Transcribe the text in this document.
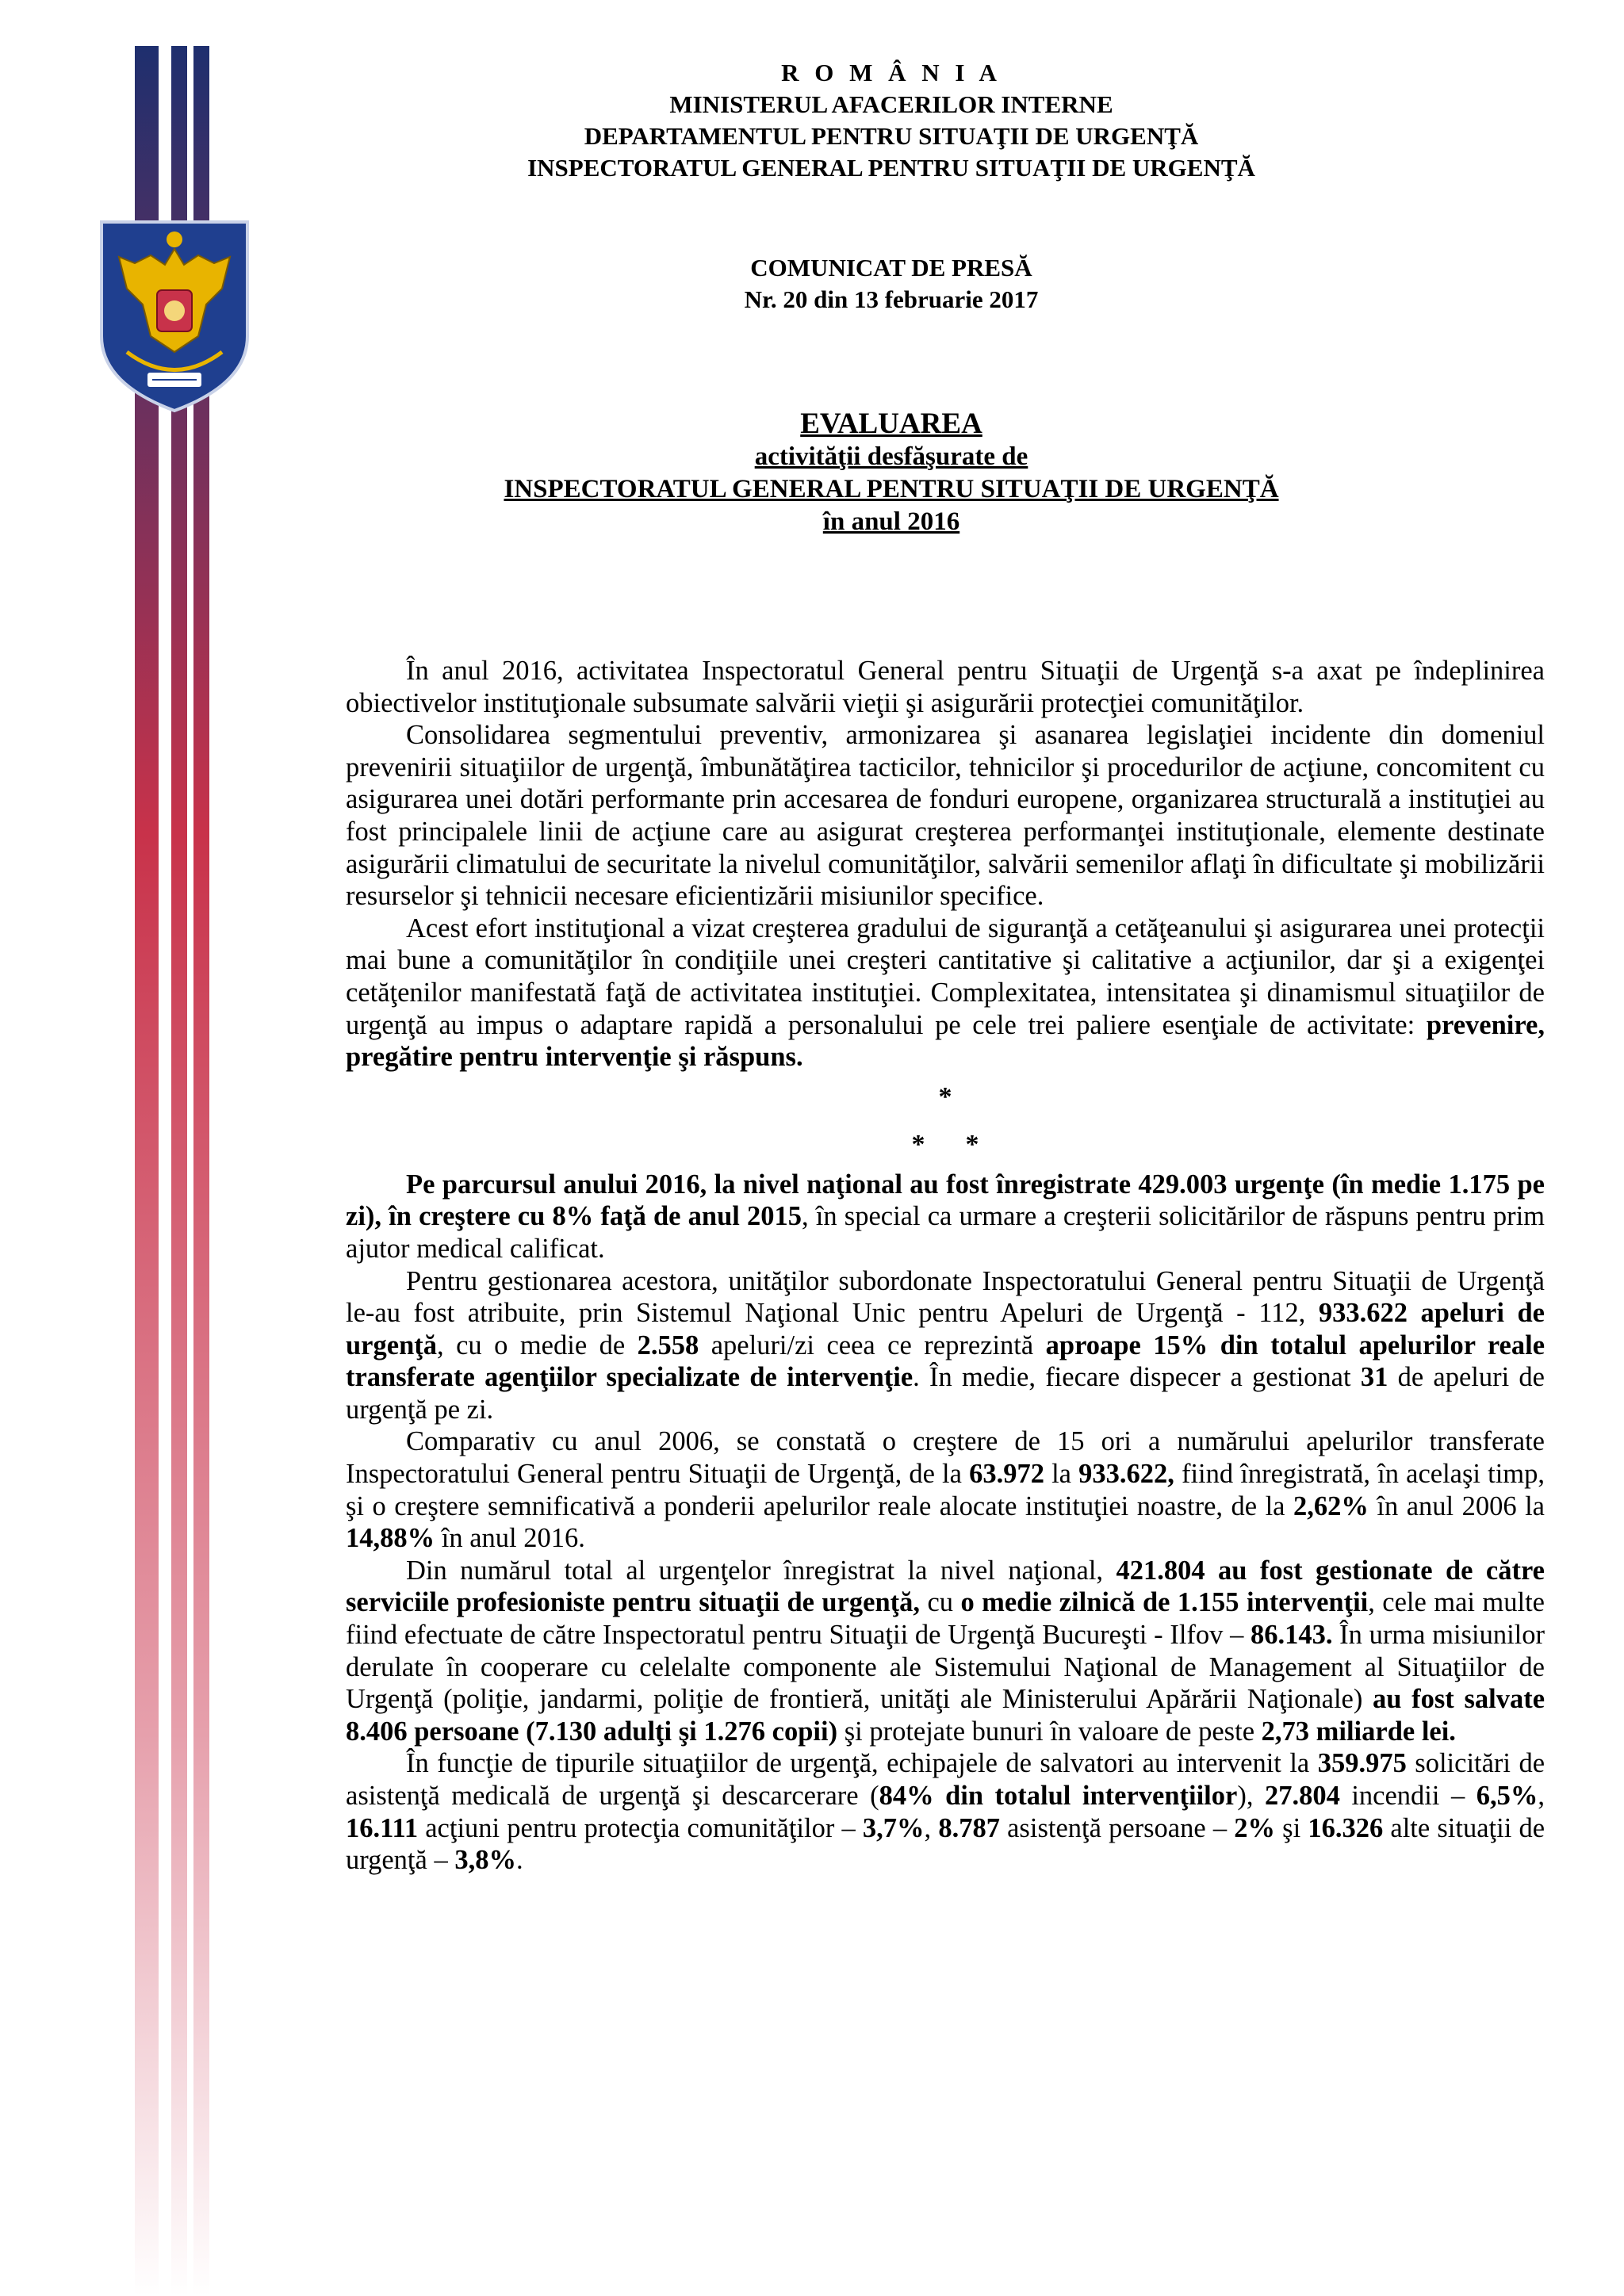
R O M Â N I A
MINISTERUL AFACERILOR INTERNE
DEPARTAMENTUL PENTRU SITUAŢII DE URGENŢĂ
INSPECTORATUL GENERAL PENTRU SITUAŢII DE URGENŢĂ
COMUNICAT DE PRESĂ
Nr. 20 din 13 februarie 2017
EVALUAREA
activităţii desfăşurate de
INSPECTORATUL GENERAL PENTRU SITUAŢII DE URGENŢĂ
în anul 2016

În anul 2016, activitatea Inspectoratul General pentru Situaţii de Urgenţă s-a axat pe îndeplinirea obiectivelor instituţionale subsumate salvării vieţii şi asigurării protecţiei comunităţilor.

Consolidarea segmentului preventiv, armonizarea şi asanarea legislaţiei incidente din domeniul prevenirii situaţiilor de urgenţă, îmbunătăţirea tacticilor, tehnicilor şi procedurilor de acţiune, concomitent cu asigurarea unei dotări performante prin accesarea de fonduri europene, organizarea structurală a instituţiei au fost principalele linii de acţiune care au asigurat creşterea performanţei instituţionale, elemente destinate asigurării climatului de securitate la nivelul comunităţilor, salvării semenilor aflaţi în dificultate şi mobilizării resurselor şi tehnicii necesare eficientizării misiunilor specifice.

Acest efort instituţional a vizat creşterea gradului de siguranţă a cetăţeanului şi asigurarea unei protecţii mai bune a comunităţilor în condiţiile unei creşteri cantitative şi calitative a acţiunilor, dar şi a exigenţei cetăţenilor manifestată faţă de activitatea instituţiei. Complexitatea, intensitatea şi dinamismul situaţiilor de urgenţă au impus o adaptare rapidă a personalului pe cele trei paliere esenţiale de activitate: prevenire, pregătire pentru intervenţie şi răspuns.

*
*      *

Pe parcursul anului 2016, la nivel naţional au fost înregistrate 429.003 urgenţe (în medie 1.175 pe zi), în creştere cu 8% faţă de anul 2015, în special ca urmare a creşterii solicitărilor de răspuns pentru prim ajutor medical calificat.

Pentru gestionarea acestora, unităţilor subordonate Inspectoratului General pentru Situaţii de Urgenţă le-au fost atribuite, prin Sistemul Naţional Unic pentru Apeluri de Urgenţă - 112, 933.622 apeluri de urgenţă, cu o medie de 2.558 apeluri/zi ceea ce reprezintă aproape 15% din totalul apelurilor reale transferate agenţiilor specializate de intervenţie. În medie, fiecare dispecer a gestionat 31 de apeluri de urgenţă pe zi.

Comparativ cu anul 2006, se constată o creştere de 15 ori a numărului apelurilor transferate Inspectoratului General pentru Situaţii de Urgenţă, de la 63.972 la 933.622, fiind înregistrată, în acelaşi timp, şi o creştere semnificativă a ponderii apelurilor reale alocate instituţiei noastre, de la 2,62% în anul 2006 la 14,88% în anul 2016.

Din numărul total al urgenţelor înregistrat la nivel naţional, 421.804 au fost gestionate de către serviciile profesioniste pentru situaţii de urgenţă, cu o medie zilnică de 1.155 intervenţii, cele mai multe fiind efectuate de către Inspectoratul pentru Situaţii de Urgenţă Bucureşti - Ilfov – 86.143. În urma misiunilor derulate în cooperare cu celelalte componente ale Sistemului Naţional de Management al Situaţiilor de Urgenţă (poliţie, jandarmi, poliţie de frontieră, unităţi ale Ministerului Apărării Naţionale) au fost salvate 8.406 persoane (7.130 adulţi şi 1.276 copii) şi protejate bunuri în valoare de peste 2,73 miliarde lei.

În funcţie de tipurile situaţiilor de urgenţă, echipajele de salvatori au intervenit la 359.975 solicitări de asistenţă medicală de urgenţă şi descarcerare (84% din totalul intervenţiilor), 27.804 incendii – 6,5%, 16.111 acţiuni pentru protecţia comunităţilor – 3,7%, 8.787 asistenţă persoane – 2% şi 16.326 alte situaţii de urgenţă – 3,8%.
